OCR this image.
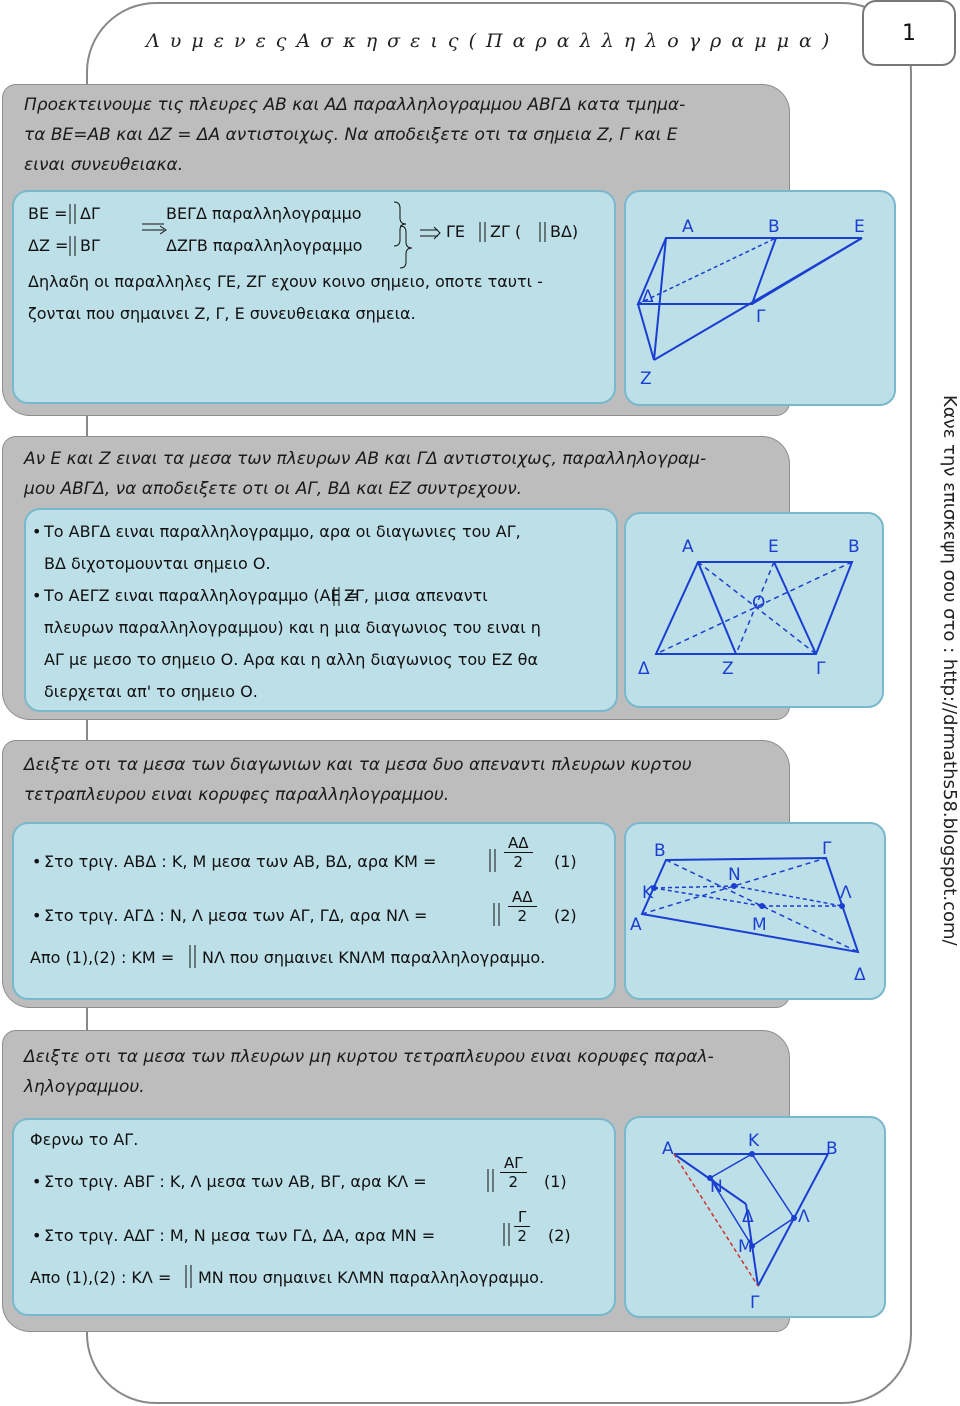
1
Λ υ μ ε ν ε ς Α σ κ η σ ε ι ς ( Π α ρ α λ λ η λ ο γ ρ α μ μ α )
Κανε την επισκεψη σου στο : http://drmaths58.blogspot.com/
Προεκτεινουμε τις πλευρες ΑΒ και ΑΔ παραλληλογραμμου ΑΒΓΔ κατα τμημα-
τα ΒΕ=ΑΒ και ΔΖ = ΔΑ αντιστοιχως. Να αποδειξετε οτι τα σημεια Ζ, Γ και Ε
ειναι συνευθειακα.

ΒΕ = ΔΓ	ΒΕΓΔ παραλληλογραμμο

ΔΖ = ΒΓ	ΔΖΓΒ παραλληλογραμμο

ΓΕ ΖΓ ( ΒΔ)

Δηλαδη οι παραλληλες ΓΕ, ΖΓ εχουν κοινο σημειο, οποτε ταυτι -

ζονται που σημαινει Ζ, Γ, Ε συνευθειακα σημεια.

Α	Β	Ε
Δ
Γ
Ζ
Αν Ε και Ζ ειναι τα μεσα των πλευρων ΑΒ και ΓΔ αντιστοιχως, παραλληλογραμ-
μου ΑΒΓΔ, να αποδειξετε οτι οι ΑΓ, ΒΔ και ΕΖ συντρεχουν.

• Το ΑΒΓΔ ειναι παραλληλογραμμο, αρα οι διαγωνιες του ΑΓ,

ΒΔ διχοτομουνται σημειο Ο.

• Το ΑΕΓΖ ειναι παραλληλογραμμο (ΑΕ =

ΖΓ, μισα απεναντι

πλευρων παραλληλογραμμου) και η μια διαγωνιος του ειναι η

ΑΓ με μεσο το σημειο Ο. Αρα και η αλλη διαγωνιος του ΕΖ θα

διερχεται απ' το σημειο Ο.

Α	Ε	Β
Ο
Δ	Ζ	Γ
Δειξτε οτι τα μεσα των διαγωνιων και τα μεσα δυο απεναντι πλευρων κυρτου
τετραπλευρου ειναι κορυφες παραλληλογραμμου.

• Στο τριγ. ΑΒΔ : Κ, Μ μεσα των ΑΒ, ΒΔ, αρα ΚΜ =	$\frac{A\Delta}{2} (1)$

• Στο τριγ. ΑΓΔ : Ν, Λ μεσα των ΑΓ, ΓΔ, αρα ΝΛ =	$\frac{A\Delta}{2} (2)$

Απο (1),(2) : ΚΜ = ΝΛ που σημαινει ΚΝΛΜ παραλληλογραμμο.

Β	Γ
Ν
Κ	Λ
Α	Μ
Δ
Δειξτε οτι τα μεσα των πλευρων μη κυρτου τετραπλευρου ειναι κορυφες παραλ-
ληλογραμμου.

Φερνω το ΑΓ.

• Στο τριγ. ΑΒΓ : Κ, Λ μεσα των ΑΒ, ΒΓ, αρα ΚΛ =	$\frac{A\Gamma}{2} (1)$

• Στο τριγ. ΑΔΓ : Μ, Ν μεσα των ΓΔ, ΔΑ, αρα ΜΝ =	$\frac{\Gamma}{2} (2)$

Απο (1),(2) : ΚΛ = ΜΝ που σημαινει ΚΛΜΝ παραλληλογραμμο.

Α	Κ	Β
Ν
Δ	Λ
Μ
Γ
